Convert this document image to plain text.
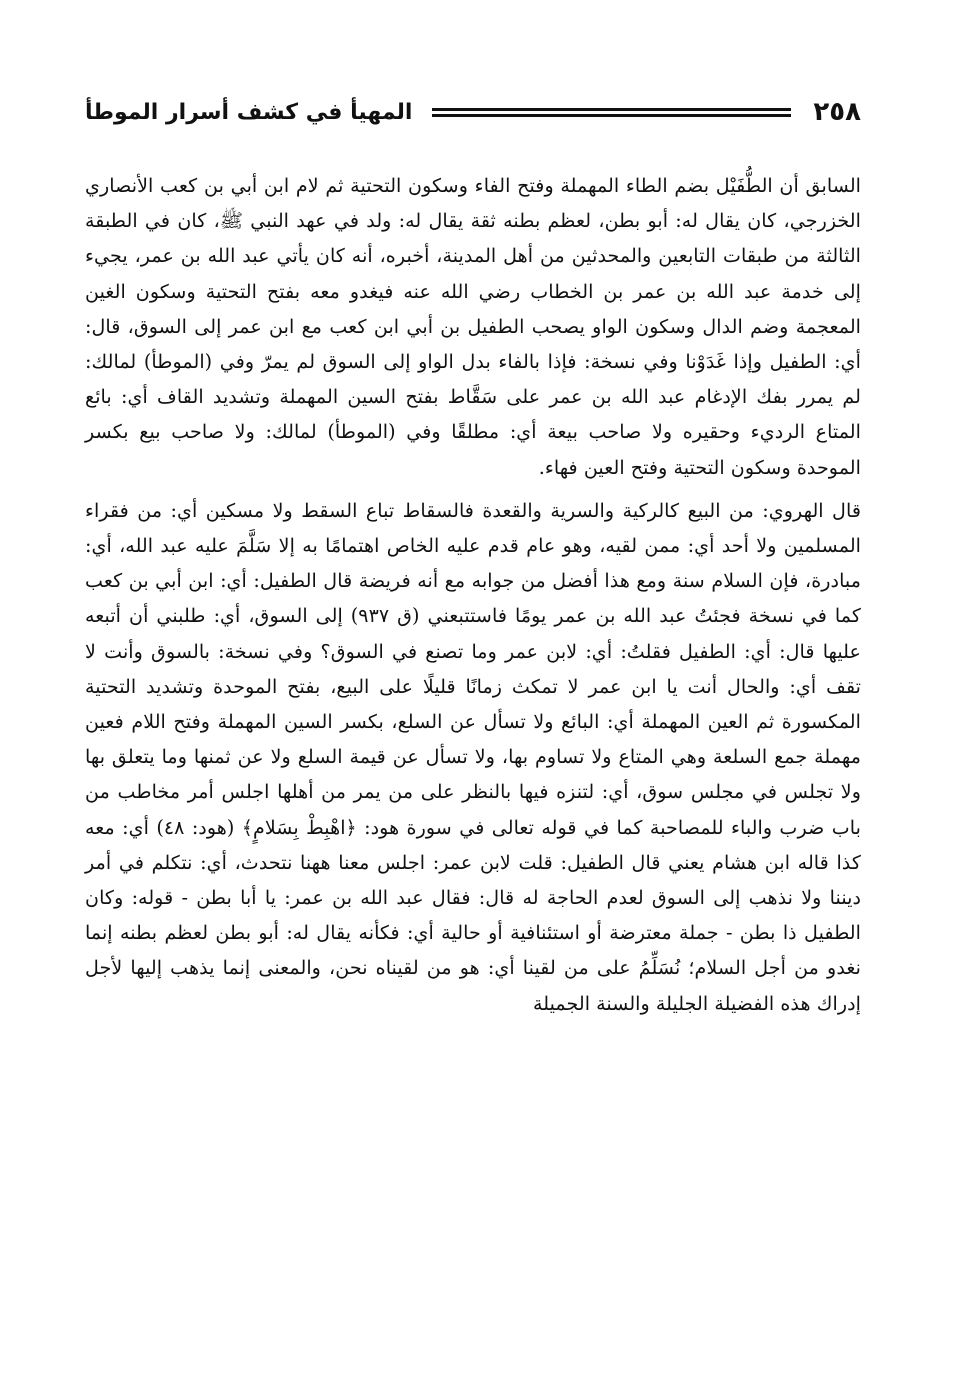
٢٥٨
المهيأ في كشف أسرار الموطأ

السابق أن الطُّفَيْل بضم الطاء المهملة وفتح الفاء وسكون التحتية ثم لام ابن أبي بن كعب الأنصاري الخزرجي، كان يقال له: أبو بطن، لعظم بطنه ثقة يقال له: ولد في عهد النبي ﷺ، كان في الطبقة الثالثة من طبقات التابعين والمحدثين من أهل المدينة، أخبره، أنه كان يأتي عبد الله بن عمر، يجيء إلى خدمة عبد الله بن عمر بن الخطاب رضي الله عنه فيغدو معه بفتح التحتية وسكون الغين المعجمة وضم الدال وسكون الواو يصحب الطفيل بن أبي ابن كعب مع ابن عمر إلى السوق، قال: أي: الطفيل وإذا غَدَوْنا وفي نسخة: فإذا بالفاء بدل الواو إلى السوق لم يمرّ وفي (الموطأ) لمالك: لم يمرر بفك الإدغام عبد الله بن عمر على سَقَّاط بفتح السين المهملة وتشديد القاف أي: بائع المتاع الرديء وحقيره ولا صاحب بيعة أي: مطلقًا وفي (الموطأ) لمالك: ولا صاحب بيع بكسر الموحدة وسكون التحتية وفتح العين فهاء.

قال الهروي: من البيع كالركية والسرية والقعدة فالسقاط تباع السقط ولا مسكين أي: من فقراء المسلمين ولا أحد أي: ممن لقيه، وهو عام قدم عليه الخاص اهتمامًا به إلا سَلَّمَ عليه عبد الله، أي: مبادرة، فإن السلام سنة ومع هذا أفضل من جوابه مع أنه فريضة قال الطفيل: أي: ابن أبي بن كعب كما في نسخة فجئتُ عبد الله بن عمر يومًا فاستتبعني (ق ٩٣٧) إلى السوق، أي: طلبني أن أتبعه عليها قال: أي: الطفيل فقلتُ: أي: لابن عمر وما تصنع في السوق؟ وفي نسخة: بالسوق وأنت لا تقف أي: والحال أنت يا ابن عمر لا تمكث زمانًا قليلًا على البيع، بفتح الموحدة وتشديد التحتية المكسورة ثم العين المهملة أي: البائع ولا تسأل عن السلع، بكسر السين المهملة وفتح اللام فعين مهملة جمع السلعة وهي المتاع ولا تساوم بها، ولا تسأل عن قيمة السلع ولا عن ثمنها وما يتعلق بها ولا تجلس في مجلس سوق، أي: لتنزه فيها بالنظر على من يمر من أهلها اجلس أمر مخاطب من باب ضرب والباء للمصاحبة كما في قوله تعالى في سورة هود: ﴿اهْبِطْ بِسَلامٍ﴾ (هود: ٤٨) أي: معه كذا قاله ابن هشام يعني قال الطفيل: قلت لابن عمر: اجلس معنا ههنا نتحدث، أي: نتكلم في أمر ديننا ولا نذهب إلى السوق لعدم الحاجة له قال: فقال عبد الله بن عمر: يا أبا بطن - قوله: وكان الطفيل ذا بطن - جملة معترضة أو استئنافية أو حالية أي: فكأنه يقال له: أبو بطن لعظم بطنه إنما نغدو من أجل السلام؛ نُسَلِّمُ على من لقينا أي: هو من لقيناه نحن، والمعنى إنما يذهب إليها لأجل إدراك هذه الفضيلة الجليلة والسنة الجميلة
